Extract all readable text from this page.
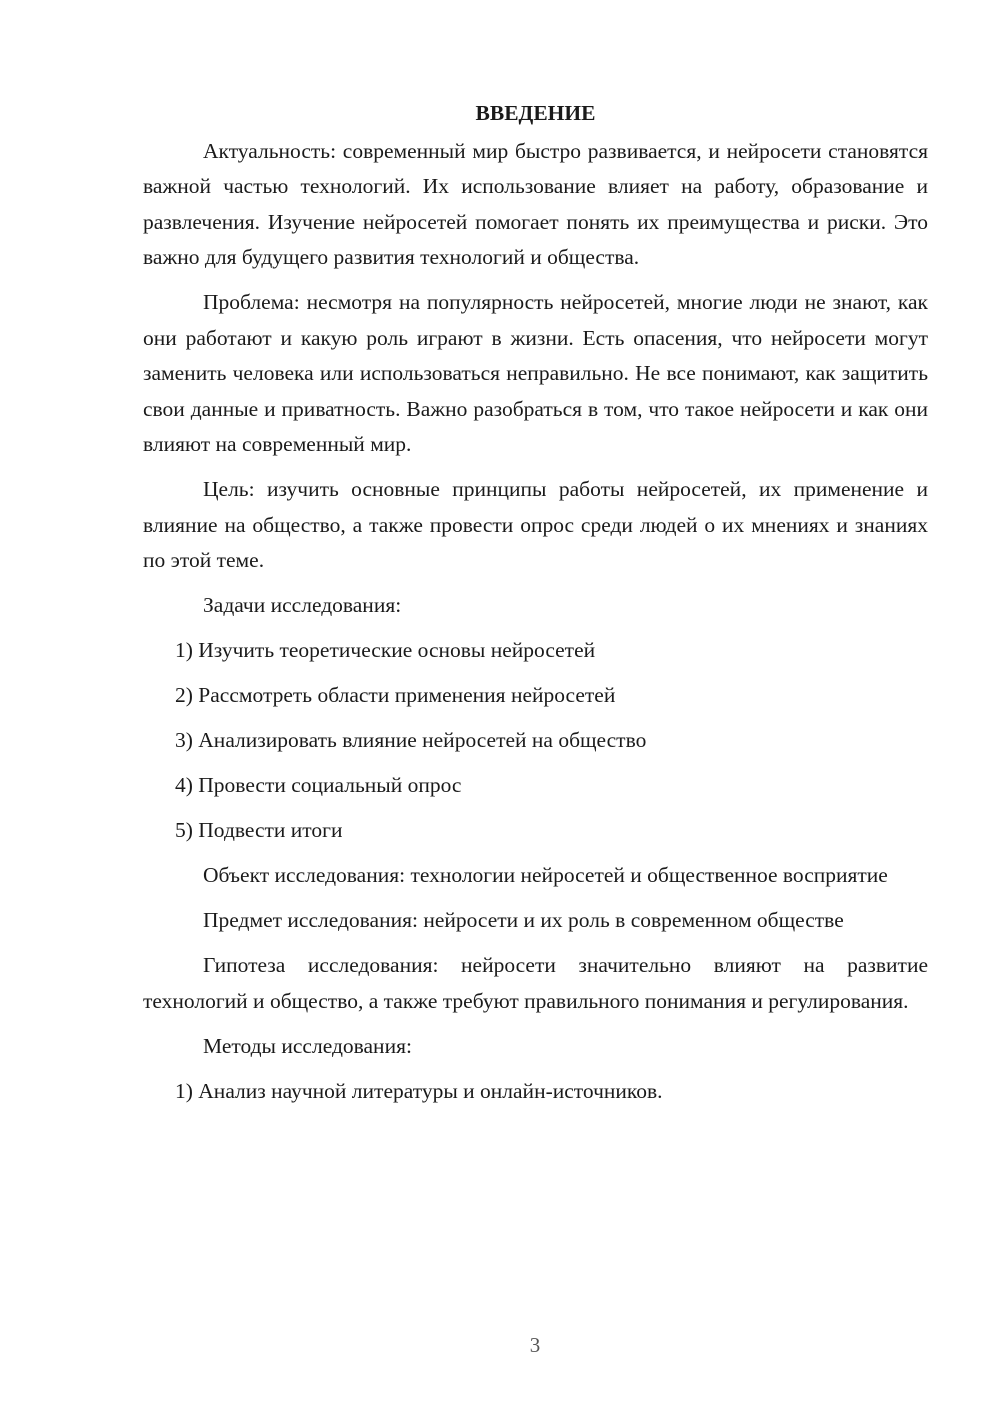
ВВЕДЕНИЕ

Актуальность: современный мир быстро развивается, и нейросети становятся важной частью технологий. Их использование влияет на работу, образование и развлечения. Изучение нейросетей помогает понять их преимущества и риски. Это важно для будущего развития технологий и общества.

Проблема: несмотря на популярность нейросетей, многие люди не знают, как они работают и какую роль играют в жизни. Есть опасения, что нейросети могут заменить человека или использоваться неправильно. Не все понимают, как защитить свои данные и приватность. Важно разобраться в том, что такое нейросети и как они влияют на современный мир.

Цель: изучить основные принципы работы нейросетей, их применение и влияние на общество, а также провести опрос среди людей о их мнениях и знаниях по этой теме.

Задачи исследования:

1) Изучить теоретические основы нейросетей

2) Рассмотреть области применения нейросетей

3) Анализировать влияние нейросетей на общество

4) Провести социальный опрос

5) Подвести итоги

Объект исследования: технологии нейросетей и общественное восприятие

Предмет исследования: нейросети и их роль в современном обществе

Гипотеза исследования: нейросети значительно влияют на развитие технологий и общество, а также требуют правильного понимания и регулирования.

Методы исследования:

1) Анализ научной литературы и онлайн-источников.

3
